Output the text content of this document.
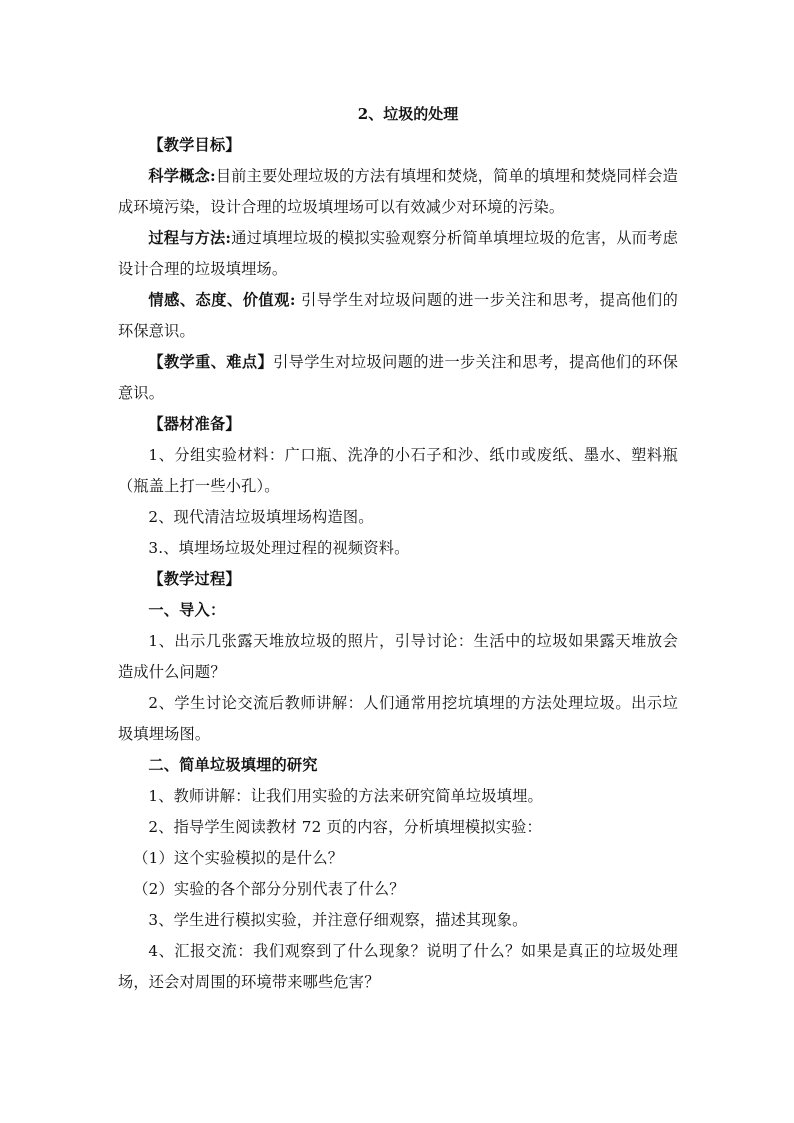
2、垃圾的处理

【教学目标】

科学概念:目前主要处理垃圾的方法有填埋和焚烧，简单的填埋和焚烧同样会造成环境污染，设计合理的垃圾填埋场可以有效减少对环境的污染。

过程与方法:通过填埋垃圾的模拟实验观察分析简单填埋垃圾的危害，从而考虑设计合理的垃圾填埋场。

情感、态度、价值观: 引导学生对垃圾问题的进一步关注和思考，提高他们的环保意识。

【教学重、难点】引导学生对垃圾问题的进一步关注和思考，提高他们的环保意识。

【器材准备】

1、分组实验材料：广口瓶、洗净的小石子和沙、纸巾或废纸、墨水、塑料瓶（瓶盖上打一些小孔）。

2、现代清洁垃圾填埋场构造图。

3.、填埋场垃圾处理过程的视频资料。

【教学过程】

一、导入：

1、出示几张露天堆放垃圾的照片，引导讨论：生活中的垃圾如果露天堆放会造成什么问题？

2、学生讨论交流后教师讲解：人们通常用挖坑填埋的方法处理垃圾。出示垃圾填埋场图。

二、简单垃圾填埋的研究

1、教师讲解：让我们用实验的方法来研究简单垃圾填埋。

2、指导学生阅读教材 72 页的内容，分析填埋模拟实验：

（1）这个实验模拟的是什么？

（2）实验的各个部分分别代表了什么？

3、学生进行模拟实验，并注意仔细观察，描述其现象。

4、汇报交流：我们观察到了什么现象？说明了什么？如果是真正的垃圾处理场，还会对周围的环境带来哪些危害？
